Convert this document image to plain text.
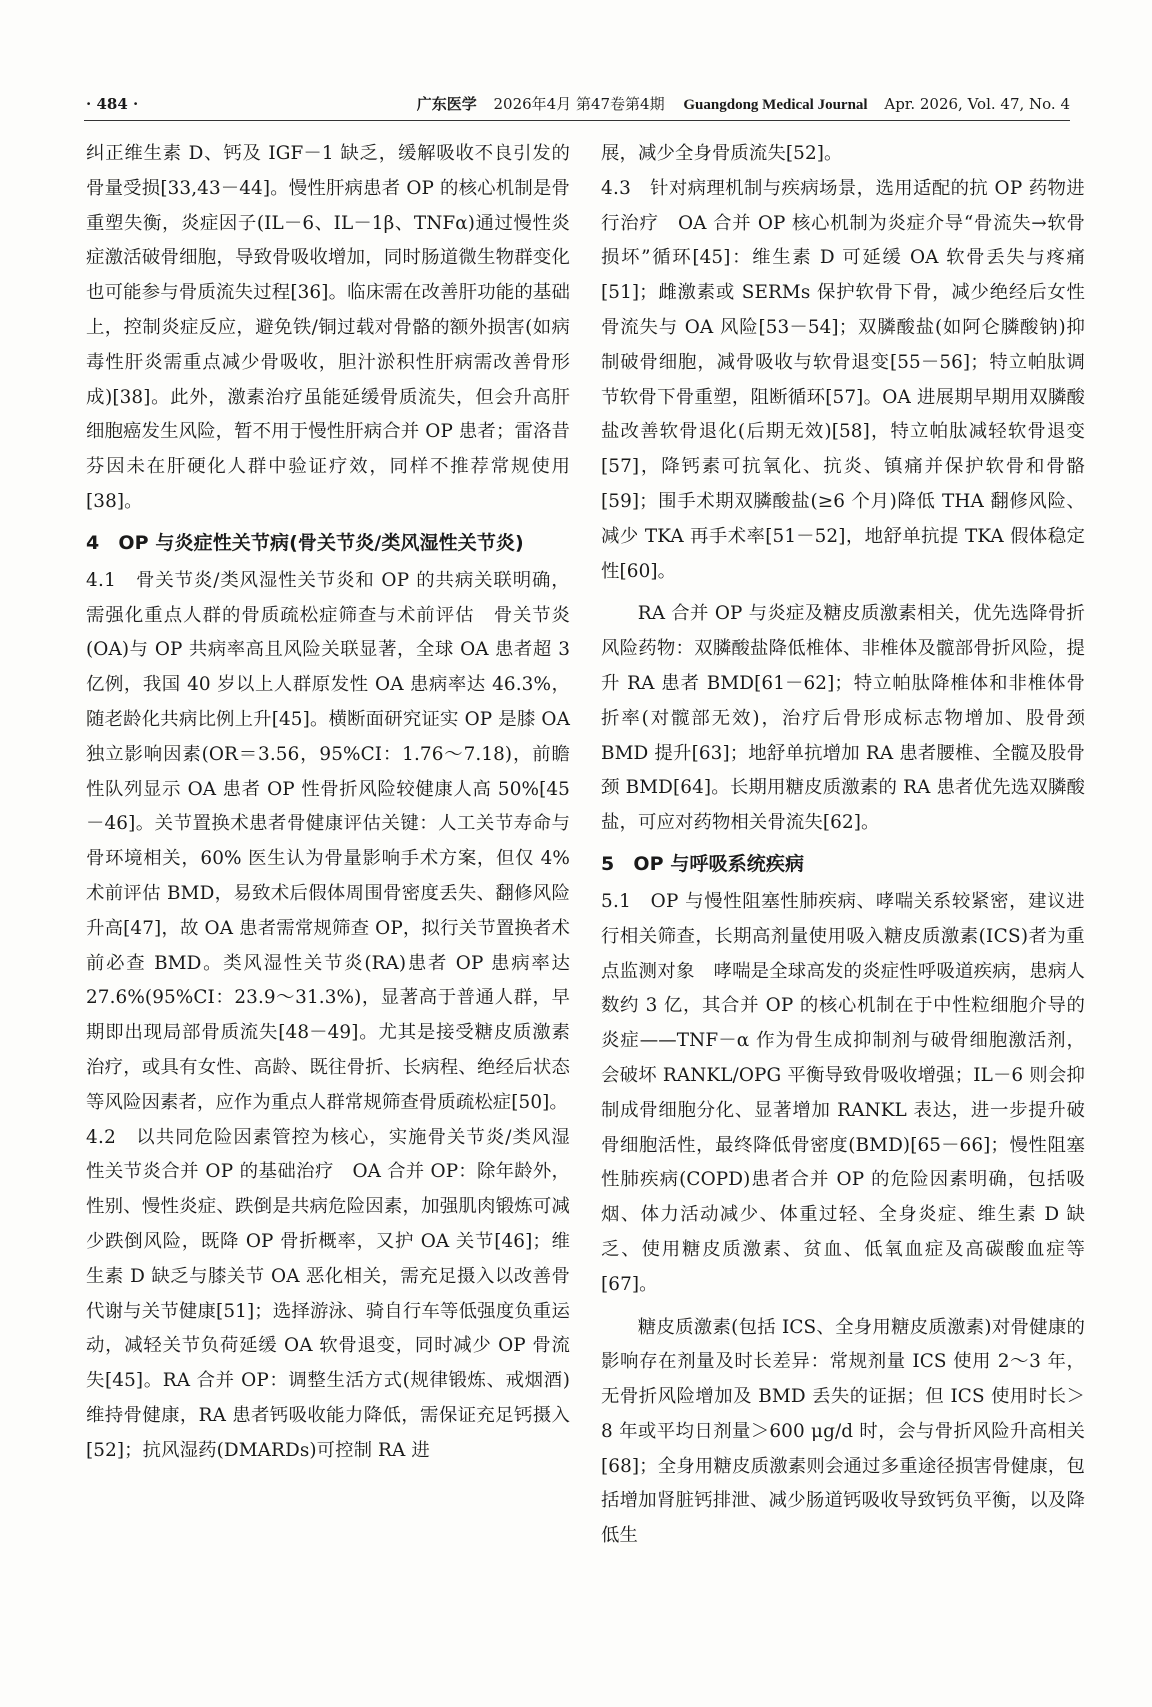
· 484 ·	广东医学 2026年4月 第47卷第4期 Guangdong Medical Journal Apr. 2026, Vol. 47, No. 4

纠正维生素 D、钙及 IGF－1 缺乏，缓解吸收不良引发的骨量受损[33,43－44]。慢性肝病患者 OP 的核心机制是骨重塑失衡，炎症因子(IL－6、IL－1β、TNFα)通过慢性炎症激活破骨细胞，导致骨吸收增加，同时肠道微生物群变化也可能参与骨质流失过程[36]。临床需在改善肝功能的基础上，控制炎症反应，避免铁/铜过载对骨骼的额外损害(如病毒性肝炎需重点减少骨吸收，胆汁淤积性肝病需改善骨形成)[38]。此外，激素治疗虽能延缓骨质流失，但会升高肝细胞癌发生风险，暂不用于慢性肝病合并 OP 患者；雷洛昔芬因未在肝硬化人群中验证疗效，同样不推荐常规使用[38]。

4　OP 与炎症性关节病(骨关节炎/类风湿性关节炎)

4.1　骨关节炎/类风湿性关节炎和 OP 的共病关联明确，需强化重点人群的骨质疏松症筛查与术前评估　骨关节炎(OA)与 OP 共病率高且风险关联显著，全球 OA 患者超 3 亿例，我国 40 岁以上人群原发性 OA 患病率达 46.3%，随老龄化共病比例上升[45]。横断面研究证实 OP 是膝 OA 独立影响因素(OR＝3.56，95%CI：1.76～7.18)，前瞻性队列显示 OA 患者 OP 性骨折风险较健康人高 50%[45－46]。关节置换术患者骨健康评估关键：人工关节寿命与骨环境相关，60% 医生认为骨量影响手术方案，但仅 4% 术前评估 BMD，易致术后假体周围骨密度丢失、翻修风险升高[47]，故 OA 患者需常规筛查 OP，拟行关节置换者术前必查 BMD。类风湿性关节炎(RA)患者 OP 患病率达 27.6%(95%CI：23.9～31.3%)，显著高于普通人群，早期即出现局部骨质流失[48－49]。尤其是接受糖皮质激素治疗，或具有女性、高龄、既往骨折、长病程、绝经后状态等风险因素者，应作为重点人群常规筛查骨质疏松症[50]。

4.2　以共同危险因素管控为核心，实施骨关节炎/类风湿性关节炎合并 OP 的基础治疗　OA 合并 OP：除年龄外，性别、慢性炎症、跌倒是共病危险因素，加强肌肉锻炼可减少跌倒风险，既降 OP 骨折概率，又护 OA 关节[46]；维生素 D 缺乏与膝关节 OA 恶化相关，需充足摄入以改善骨代谢与关节健康[51]；选择游泳、骑自行车等低强度负重运动，减轻关节负荷延缓 OA 软骨退变，同时减少 OP 骨流失[45]。RA 合并 OP：调整生活方式(规律锻炼、戒烟酒)维持骨健康，RA 患者钙吸收能力降低，需保证充足钙摄入[52]；抗风湿药(DMARDs)可控制 RA 进

展，减少全身骨质流失[52]。

4.3　针对病理机制与疾病场景，选用适配的抗 OP 药物进行治疗　OA 合并 OP 核心机制为炎症介导“骨流失→软骨损坏”循环[45]：维生素 D 可延缓 OA 软骨丢失与疼痛[51]；雌激素或 SERMs 保护软骨下骨，减少绝经后女性骨流失与 OA 风险[53－54]；双膦酸盐(如阿仑膦酸钠)抑制破骨细胞，减骨吸收与软骨退变[55－56]；特立帕肽调节软骨下骨重塑，阻断循环[57]。OA 进展期早期用双膦酸盐改善软骨退化(后期无效)[58]，特立帕肽减轻软骨退变[57]，降钙素可抗氧化、抗炎、镇痛并保护软骨和骨骼[59]；围手术期双膦酸盐(≥6 个月)降低 THA 翻修风险、减少 TKA 再手术率[51－52]，地舒单抗提 TKA 假体稳定性[60]。

RA 合并 OP 与炎症及糖皮质激素相关，优先选降骨折风险药物：双膦酸盐降低椎体、非椎体及髋部骨折风险，提升 RA 患者 BMD[61－62]；特立帕肽降椎体和非椎体骨折率(对髋部无效)，治疗后骨形成标志物增加、股骨颈 BMD 提升[63]；地舒单抗增加 RA 患者腰椎、全髋及股骨颈 BMD[64]。长期用糖皮质激素的 RA 患者优先选双膦酸盐，可应对药物相关骨流失[62]。

5　OP 与呼吸系统疾病

5.1　OP 与慢性阻塞性肺疾病、哮喘关系较紧密，建议进行相关筛查，长期高剂量使用吸入糖皮质激素(ICS)者为重点监测对象　哮喘是全球高发的炎症性呼吸道疾病，患病人数约 3 亿，其合并 OP 的核心机制在于中性粒细胞介导的炎症——TNF－α 作为骨生成抑制剂与破骨细胞激活剂，会破坏 RANKL/OPG 平衡导致骨吸收增强；IL－6 则会抑制成骨细胞分化、显著增加 RANKL 表达，进一步提升破骨细胞活性，最终降低骨密度(BMD)[65－66]；慢性阻塞性肺疾病(COPD)患者合并 OP 的危险因素明确，包括吸烟、体力活动减少、体重过轻、全身炎症、维生素 D 缺乏、使用糖皮质激素、贫血、低氧血症及高碳酸血症等[67]。

糖皮质激素(包括 ICS、全身用糖皮质激素)对骨健康的影响存在剂量及时长差异：常规剂量 ICS 使用 2～3 年，无骨折风险增加及 BMD 丢失的证据；但 ICS 使用时长＞8 年或平均日剂量＞600 μg/d 时，会与骨折风险升高相关[68]；全身用糖皮质激素则会通过多重途径损害骨健康，包括增加肾脏钙排泄、减少肠道钙吸收导致钙负平衡，以及降低生
